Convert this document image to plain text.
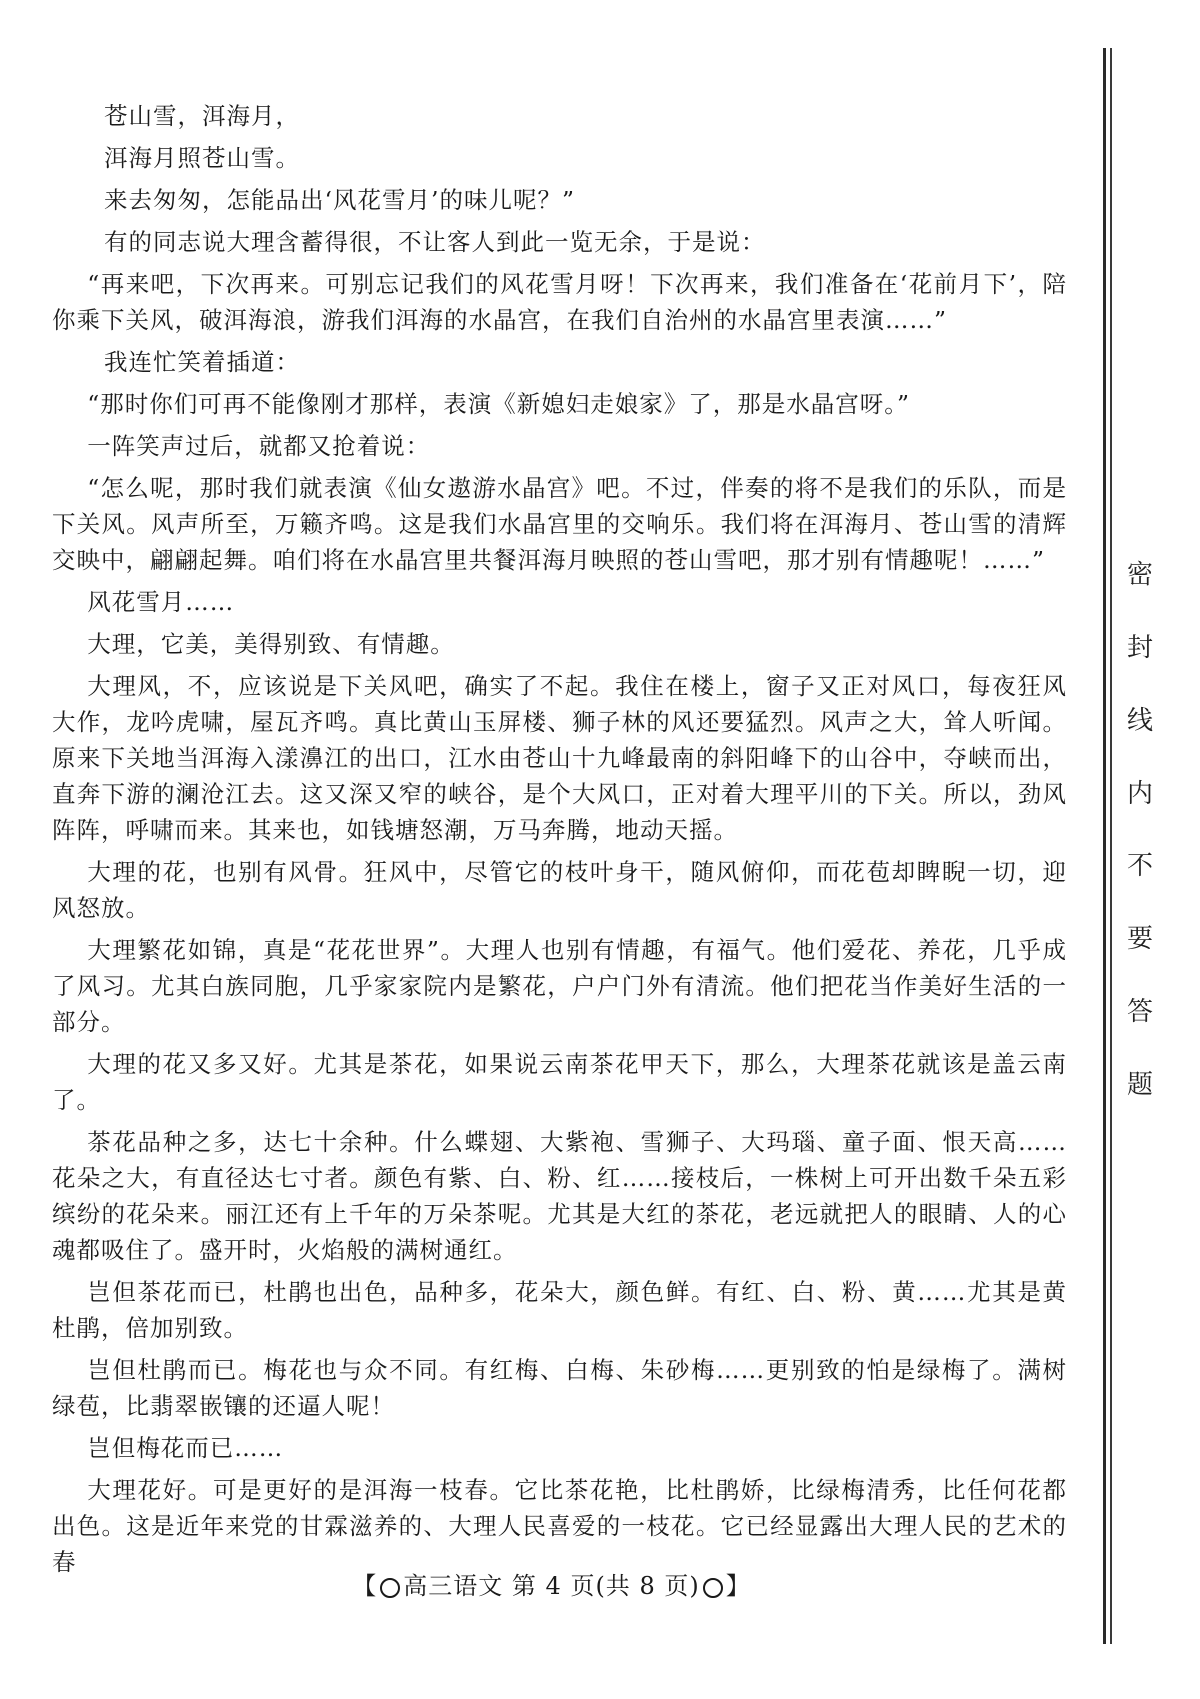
苍山雪，洱海月，

洱海月照苍山雪。

来去匆匆，怎能品出‘风花雪月’的味儿呢？”

有的同志说大理含蓄得很，不让客人到此一览无余，于是说：

“再来吧，下次再来。可别忘记我们的风花雪月呀！下次再来，我们准备在‘花前月下’，陪你乘下关风，破洱海浪，游我们洱海的水晶宫，在我们自治州的水晶宫里表演……”

我连忙笑着插道：

“那时你们可再不能像刚才那样，表演《新媳妇走娘家》了，那是水晶宫呀。”

一阵笑声过后，就都又抢着说：

“怎么呢，那时我们就表演《仙女遨游水晶宫》吧。不过，伴奏的将不是我们的乐队，而是下关风。风声所至，万籁齐鸣。这是我们水晶宫里的交响乐。我们将在洱海月、苍山雪的清辉交映中，翩翩起舞。咱们将在水晶宫里共餐洱海月映照的苍山雪吧，那才别有情趣呢！……”

风花雪月……

大理，它美，美得别致、有情趣。

大理风，不，应该说是下关风吧，确实了不起。我住在楼上，窗子又正对风口，每夜狂风大作，龙吟虎啸，屋瓦齐鸣。真比黄山玉屏楼、狮子林的风还要猛烈。风声之大，耸人听闻。原来下关地当洱海入漾濞江的出口，江水由苍山十九峰最南的斜阳峰下的山谷中，夺峡而出，直奔下游的澜沧江去。这又深又窄的峡谷，是个大风口，正对着大理平川的下关。所以，劲风阵阵，呼啸而来。其来也，如钱塘怒潮，万马奔腾，地动天摇。

大理的花，也别有风骨。狂风中，尽管它的枝叶身干，随风俯仰，而花苞却睥睨一切，迎风怒放。

大理繁花如锦，真是“花花世界”。大理人也别有情趣，有福气。他们爱花、养花，几乎成了风习。尤其白族同胞，几乎家家院内是繁花，户户门外有清流。他们把花当作美好生活的一部分。

大理的花又多又好。尤其是茶花，如果说云南茶花甲天下，那么，大理茶花就该是盖云南了。

茶花品种之多，达七十余种。什么蝶翅、大紫袍、雪狮子、大玛瑙、童子面、恨天高……花朵之大，有直径达七寸者。颜色有紫、白、粉、红……接枝后，一株树上可开出数千朵五彩缤纷的花朵来。丽江还有上千年的万朵茶呢。尤其是大红的茶花，老远就把人的眼睛、人的心魂都吸住了。盛开时，火焰般的满树通红。

岂但茶花而已，杜鹃也出色，品种多，花朵大，颜色鲜。有红、白、粉、黄……尤其是黄杜鹃，倍加别致。

岂但杜鹃而已。梅花也与众不同。有红梅、白梅、朱砂梅……更别致的怕是绿梅了。满树绿苞，比翡翠嵌镶的还逼人呢！

岂但梅花而已……

大理花好。可是更好的是洱海一枝春。它比茶花艳，比杜鹃娇，比绿梅清秀，比任何花都出色。这是近年来党的甘霖滋养的、大理人民喜爱的一枝花。它已经显露出大理人民的艺术的春

密
封
线
内
不
要
答
题
【 高三语文 第 4 页(共 8 页) 】
